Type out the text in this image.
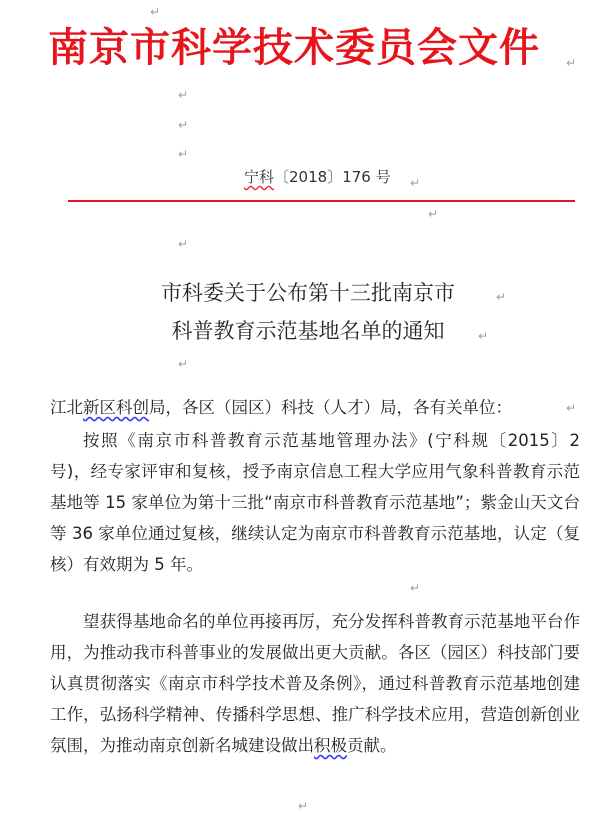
↵
↵
↵
↵
↵
↵
↵
↵
↵
↵
↵
↵
↵
↵
南京市科学技术委员会文件
宁科〔2018〕176 号
市科委关于公布第十三批南京市
科普教育示范基地名单的通知
江北新区科创局，各区（园区）科技（人才）局，各有关单位：
按照《南京市科普教育示范基地管理办法》(宁科规〔2015〕2 号)，经专家评审和复核，授予南京信息工程大学应用气象科普教育示范基地等 15 家单位为第十三批“南京市科普教育示范基地”；紫金山天文台等 36 家单位通过复核，继续认定为南京市科普教育示范基地，认定（复核）有效期为 5 年。
望获得基地命名的单位再接再厉，充分发挥科普教育示范基地平台作用，为推动我市科普事业的发展做出更大贡献。各区（园区）科技部门要认真贯彻落实《南京市科学技术普及条例》，通过科普教育示范基地创建工作，弘扬科学精神、传播科学思想、推广科学技术应用，营造创新创业氛围，为推动南京创新名城建设做出积极贡献。
